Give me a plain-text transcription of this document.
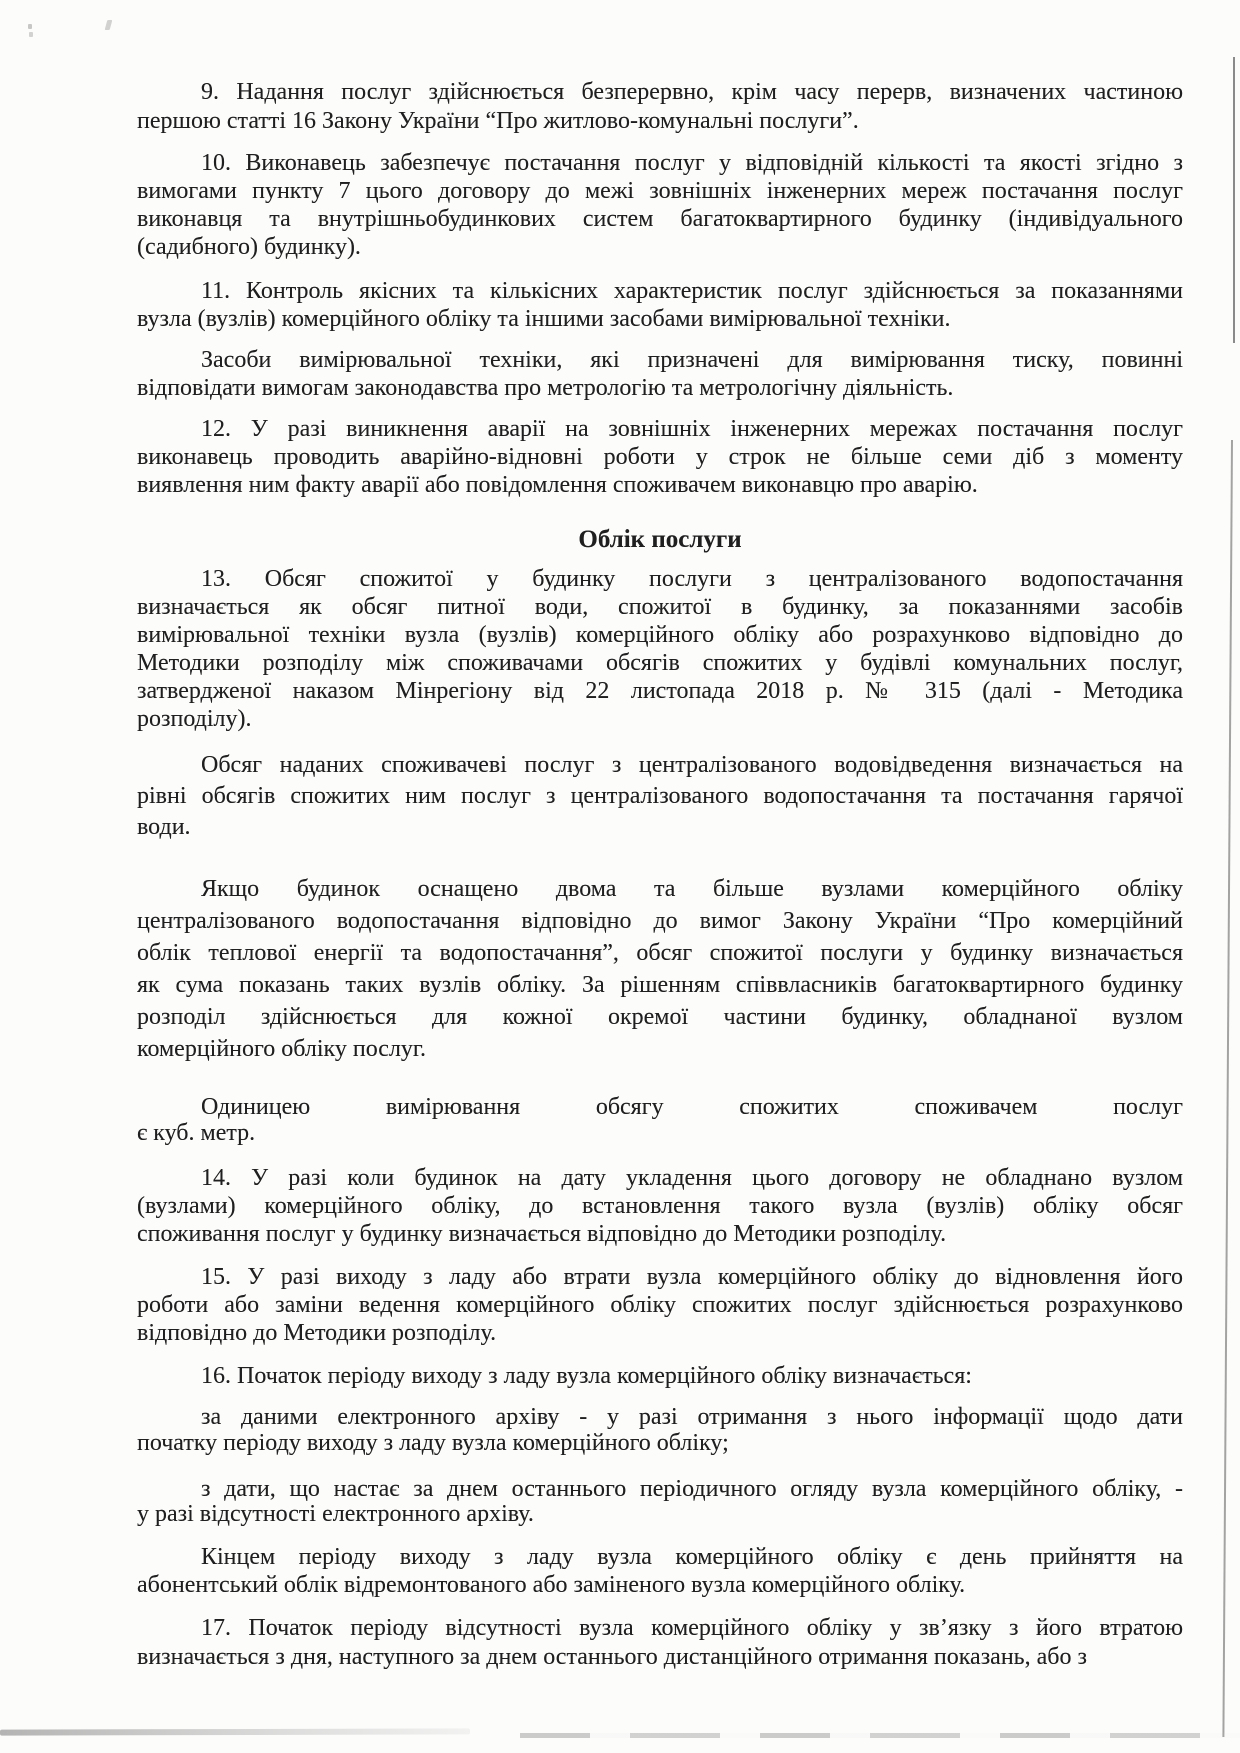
9. Надання послуг здійснюється безперервно, крім часу перерв, визначених частиною
першою статті 16 Закону України “Про житлово-комунальні послуги”.
10. Виконавець забезпечує постачання послуг у відповідній кількості та якості згідно з
вимогами пункту 7 цього договору до межі зовнішніх інженерних мереж постачання послуг
виконавця та внутрішньобудинкових систем багатоквартирного будинку (індивідуального
(садибного) будинку).
11. Контроль якісних та кількісних характеристик послуг здійснюється за показаннями
вузла (вузлів) комерційного обліку та іншими засобами вимірювальної техніки.
Засоби вимірювальної техніки, які призначені для вимірювання тиску, повинні
відповідати вимогам законодавства про метрологію та метрологічну діяльність.
12. У разі виникнення аварії на зовнішніх інженерних мережах постачання послуг
виконавець проводить аварійно-відновні роботи у строк не більше семи діб з моменту
виявлення ним факту аварії або повідомлення споживачем виконавцю про аварію.
Облік послуги
13. Обсяг спожитої у будинку послуги з централізованого водопостачання
визначається як обсяг питної води, спожитої в будинку, за показаннями засобів
вимірювальної техніки вузла (вузлів) комерційного обліку або розрахунково відповідно до
Методики розподілу між споживачами обсягів спожитих у будівлі комунальних послуг,
затвердженої наказом Мінрегіону від 22 листопада 2018 р. № 315 (далі - Методика
розподілу).
Обсяг наданих споживачеві послуг з централізованого водовідведення визначається на
рівні обсягів спожитих ним послуг з централізованого водопостачання та постачання гарячої
води.
Якщо будинок оснащено двома та більше вузлами комерційного обліку
централізованого водопостачання відповідно до вимог Закону України “Про комерційний
облік теплової енергії та водопостачання”, обсяг спожитої послуги у будинку визначається
як сума показань таких вузлів обліку. За рішенням співвласників багатоквартирного будинку
розподіл здійснюється для кожної окремої частини будинку, обладнаної вузлом
комерційного обліку послуг.
Одиницею вимірювання обсягу спожитих споживачем послуг
є куб. метр.
14. У разі коли будинок на дату укладення цього договору не обладнано вузлом
(вузлами) комерційного обліку, до встановлення такого вузла (вузлів) обліку обсяг
споживання послуг у будинку визначається відповідно до Методики розподілу.
15. У разі виходу з ладу або втрати вузла комерційного обліку до відновлення його
роботи або заміни ведення комерційного обліку спожитих послуг здійснюється розрахунково
відповідно до Методики розподілу.
16. Початок періоду виходу з ладу вузла комерційного обліку визначається:
за даними електронного архіву - у разі отримання з нього інформації щодо дати
початку періоду виходу з ладу вузла комерційного обліку;
з дати, що настає за днем останнього періодичного огляду вузла комерційного обліку, -
у разі відсутності електронного архіву.
Кінцем періоду виходу з ладу вузла комерційного обліку є день прийняття на
абонентський облік відремонтованого або заміненого вузла комерційного обліку.
17. Початок періоду відсутності вузла комерційного обліку у зв’язку з його втратою
визначається з дня, наступного за днем останнього дистанційного отримання показань, або з
